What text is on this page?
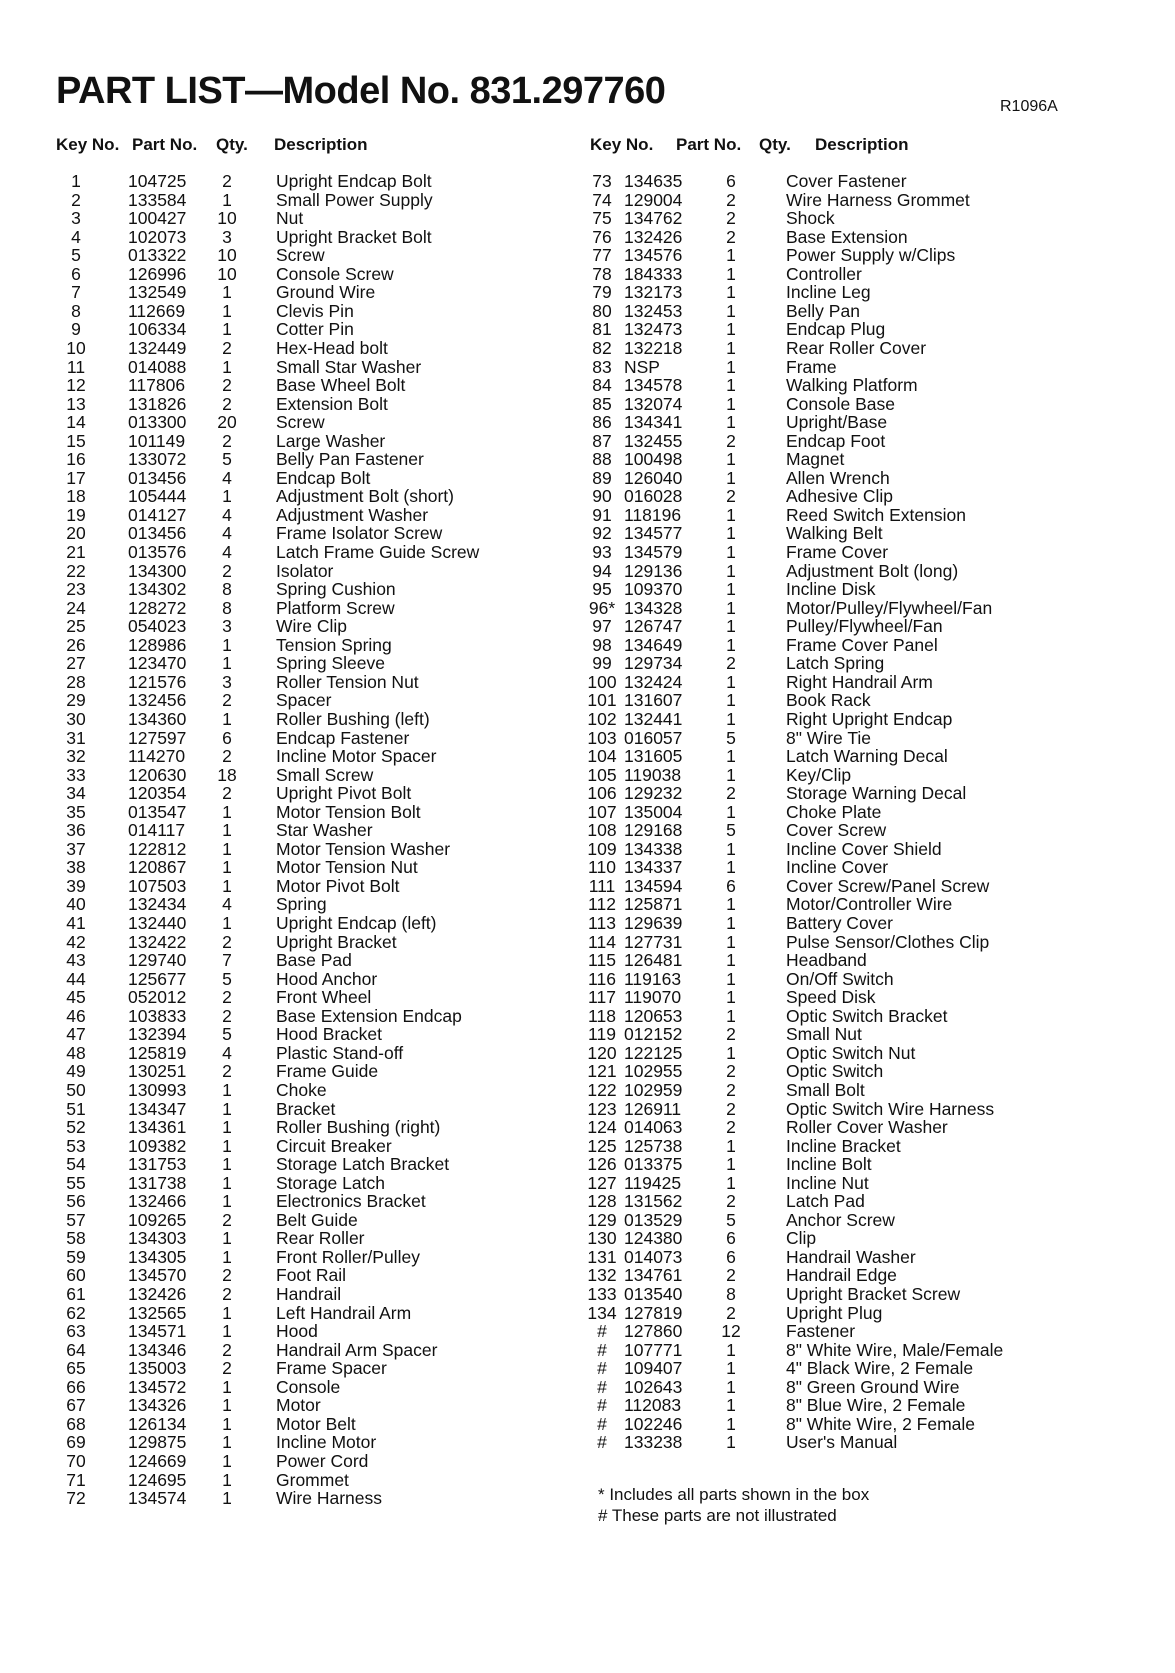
PART LIST—Model No. 831.297760	R1096A
Key No. Part No. Qty. Description	Key No. Part No. Qty. Description
1	104725	2	Upright Endcap Bolt
2	133584	1	Small Power Supply
3	100427	10	Nut
4	102073	3	Upright Bracket Bolt
5	013322	10	Screw
6	126996	10	Console Screw
7	132549	1	Ground Wire
8	112669	1	Clevis Pin
9	106334	1	Cotter Pin
10	132449	2	Hex-Head bolt
11	014088	1	Small Star Washer
12	117806	2	Base Wheel Bolt
13	131826	2	Extension Bolt
14	013300	20	Screw
15	101149	2	Large Washer
16	133072	5	Belly Pan Fastener
17	013456	4	Endcap Bolt
18	105444	1	Adjustment Bolt (short)
19	014127	4	Adjustment Washer
20	013456	4	Frame Isolator Screw
21	013576	4	Latch Frame Guide Screw
22	134300	2	Isolator
23	134302	8	Spring Cushion
24	128272	8	Platform Screw
25	054023	3	Wire Clip
26	128986	1	Tension Spring
27	123470	1	Spring Sleeve
28	121576	3	Roller Tension Nut
29	132456	2	Spacer
30	134360	1	Roller Bushing (left)
31	127597	6	Endcap Fastener
32	114270	2	Incline Motor Spacer
33	120630	18	Small Screw
34	120354	2	Upright Pivot Bolt
35	013547	1	Motor Tension Bolt
36	014117	1	Star Washer
37	122812	1	Motor Tension Washer
38	120867	1	Motor Tension Nut
39	107503	1	Motor Pivot Bolt
40	132434	4	Spring
41	132440	1	Upright Endcap (left)
42	132422	2	Upright Bracket
43	129740	7	Base Pad
44	125677	5	Hood Anchor
45	052012	2	Front Wheel
46	103833	2	Base Extension Endcap
47	132394	5	Hood Bracket
48	125819	4	Plastic Stand-off
49	130251	2	Frame Guide
50	130993	1	Choke
51	134347	1	Bracket
52	134361	1	Roller Bushing (right)
53	109382	1	Circuit Breaker
54	131753	1	Storage Latch Bracket
55	131738	1	Storage Latch
56	132466	1	Electronics Bracket
57	109265	2	Belt Guide
58	134303	1	Rear Roller
59	134305	1	Front Roller/Pulley
60	134570	2	Foot Rail
61	132426	2	Handrail
62	132565	1	Left Handrail Arm
63	134571	1	Hood
64	134346	2	Handrail Arm Spacer
65	135003	2	Frame Spacer
66	134572	1	Console
67	134326	1	Motor
68	126134	1	Motor Belt
69	129875	1	Incline Motor
70	124669	1	Power Cord
71	124695	1	Grommet
72	134574	1	Wire Harness
73 134635	6	Cover Fastener
74 129004	2	Wire Harness Grommet
75 134762	2	Shock
76 132426	2	Base Extension
77 134576	1	Power Supply w/Clips
78 184333	1	Controller
79 132173	1	Incline Leg
80 132453	1	Belly Pan
81 132473	1	Endcap Plug
82 132218	1	Rear Roller Cover
83 NSP	1	Frame
84 134578	1	Walking Platform
85 132074	1	Console Base
86 134341	1	Upright/Base
87 132455	2	Endcap Foot
88 100498	1	Magnet
89 126040	1	Allen Wrench
90 016028	2	Adhesive Clip
91 118196	1	Reed Switch Extension
92 134577	1	Walking Belt
93 134579	1	Frame Cover
94 129136	1	Adjustment Bolt (long)
95 109370	1	Incline Disk
96* 134328	1	Motor/Pulley/Flywheel/Fan
97 126747	1	Pulley/Flywheel/Fan
98 134649	1	Frame Cover Panel
99 129734	2	Latch Spring
100 132424	1	Right Handrail Arm
101 131607	1	Book Rack
102 132441	1	Right Upright Endcap
103 016057	5	8" Wire Tie
104 131605	1	Latch Warning Decal
105 119038	1	Key/Clip
106 129232	2	Storage Warning Decal
107 135004	1	Choke Plate
108 129168	5	Cover Screw
109 134338	1	Incline Cover Shield
110 134337	1	Incline Cover
111 134594	6	Cover Screw/Panel Screw
112 125871	1	Motor/Controller Wire
113 129639	1	Battery Cover
114 127731	1	Pulse Sensor/Clothes Clip
115 126481	1	Headband
116 119163	1	On/Off Switch
117 119070	1	Speed Disk
118 120653	1	Optic Switch Bracket
119 012152	2	Small Nut
120 122125	1	Optic Switch Nut
121 102955	2	Optic Switch
122 102959	2	Small Bolt
123 126911	2	Optic Switch Wire Harness
124 014063	2	Roller Cover Washer
125 125738	1	Incline Bracket
126 013375	1	Incline Bolt
127 119425	1	Incline Nut
128 131562	2	Latch Pad
129 013529	5	Anchor Screw
130 124380	6	Clip
131 014073	6	Handrail Washer
132 134761	2	Handrail Edge
133 013540	8	Upright Bracket Screw
134 127819	2	Upright Plug
# 127860	12	Fastener
# 107771	1	8" White Wire, Male/Female
# 109407	1	4" Black Wire, 2 Female
# 102643	1	8" Green Ground Wire
# 112083	1	8" Blue Wire, 2 Female
# 102246	1	8" White Wire, 2 Female
# 133238	1	User's Manual
* Includes all parts shown in the box
# These parts are not illustrated
